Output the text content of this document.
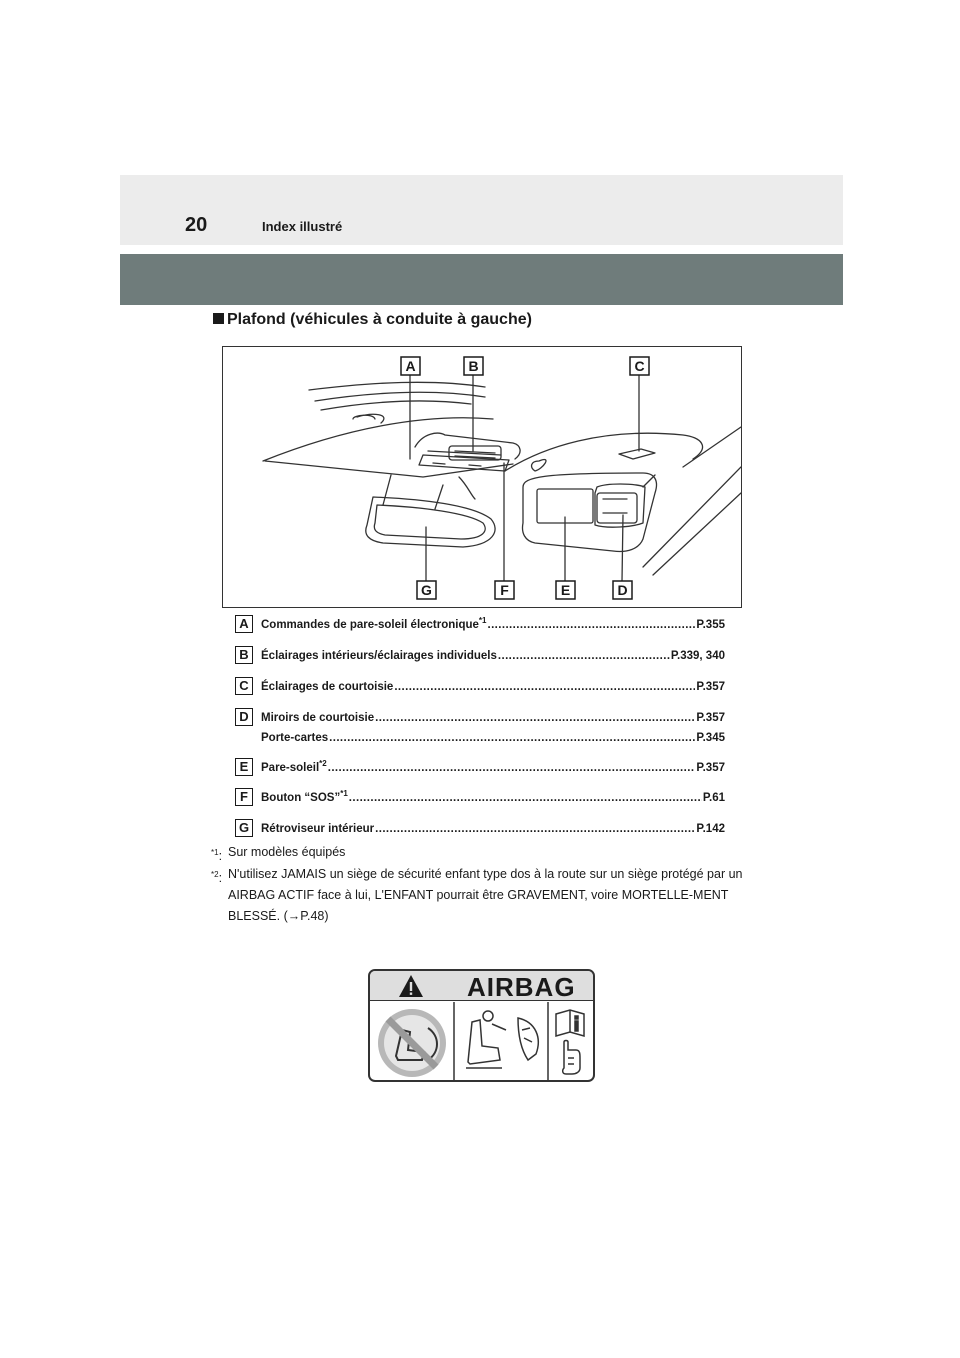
20	Index illustré
Plafond (véhicules à conduite à gauche)
A	B	C
D
E
F
G
A	Commandes de pare-soleil électronique$^{*1}$ .....	P.355
B	Éclairages intérieurs/éclairages individuels .....	P.339, 340
C	Éclairages de courtoisie .....	P.357
D	Miroirs de courtoisie .....	P.357
Porte-cartes .....	P.345
E	Pare-soleil$^{*2}$ .....	P.357
F	Bouton “SOS”$^{*1}$ .....	P.61
G	Rétroviseur intérieur .....	P.142
$^{*1}$: Sur modèles équipés
$^{*2}$: N'utilisez JAMAIS un siège de sécurité enfant type dos à la route sur un siège protégé par un AIRBAG ACTIF face à lui, L'ENFANT pourrait être GRAVEMENT, voire MORTELLE-MENT BLESSÉ. (→P.48)
AIRBAG
